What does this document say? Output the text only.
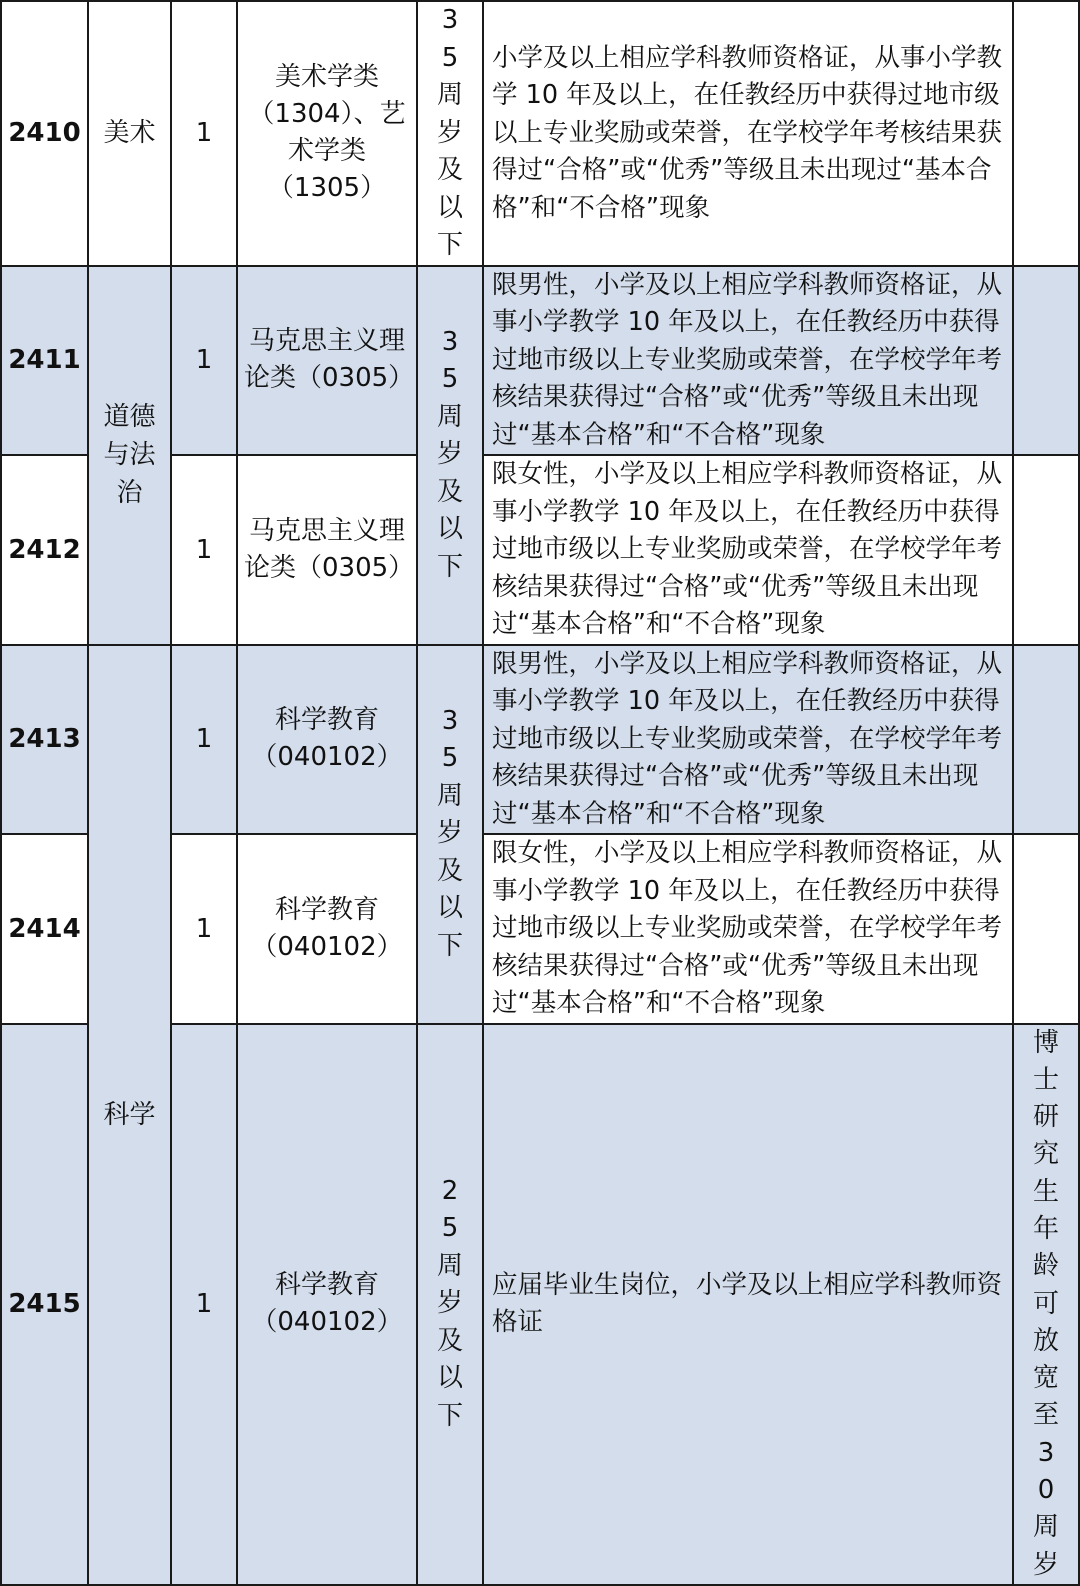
2410	美术	1	美术学类（1304）、艺术学类（1305）	35周岁及以下	小学及以上相应学科教师资格证，从事小学教学 10 年及以上，在任教经历中获得过地市级以上专业奖励或荣誉，在学校学年考核结果获得过“合格”或“优秀”等级且未出现过“基本合格”和“不合格”现象	
2411	道德与法治	1	马克思主义理论类（0305）	35周岁及以下	限男性，小学及以上相应学科教师资格证，从事小学教学 10 年及以上，在任教经历中获得过地市级以上专业奖励或荣誉，在学校学年考核结果获得过“合格”或“优秀”等级且未出现过“基本合格”和“不合格”现象	
2412		1	马克思主义理论类（0305）		限女性，小学及以上相应学科教师资格证，从事小学教学 10 年及以上，在任教经历中获得过地市级以上专业奖励或荣誉，在学校学年考核结果获得过“合格”或“优秀”等级且未出现过“基本合格”和“不合格”现象	
2413	科学	1	科学教育（040102）	35周岁及以下	限男性，小学及以上相应学科教师资格证，从事小学教学 10 年及以上，在任教经历中获得过地市级以上专业奖励或荣誉，在学校学年考核结果获得过“合格”或“优秀”等级且未出现过“基本合格”和“不合格”现象	
2414		1	科学教育（040102）		限女性，小学及以上相应学科教师资格证，从事小学教学 10 年及以上，在任教经历中获得过地市级以上专业奖励或荣誉，在学校学年考核结果获得过“合格”或“优秀”等级且未出现过“基本合格”和“不合格”现象	
2415		1	科学教育（040102）	25周岁及以下	应届毕业生岗位，小学及以上相应学科教师资格证	博士研究生年龄可放宽至30周岁
